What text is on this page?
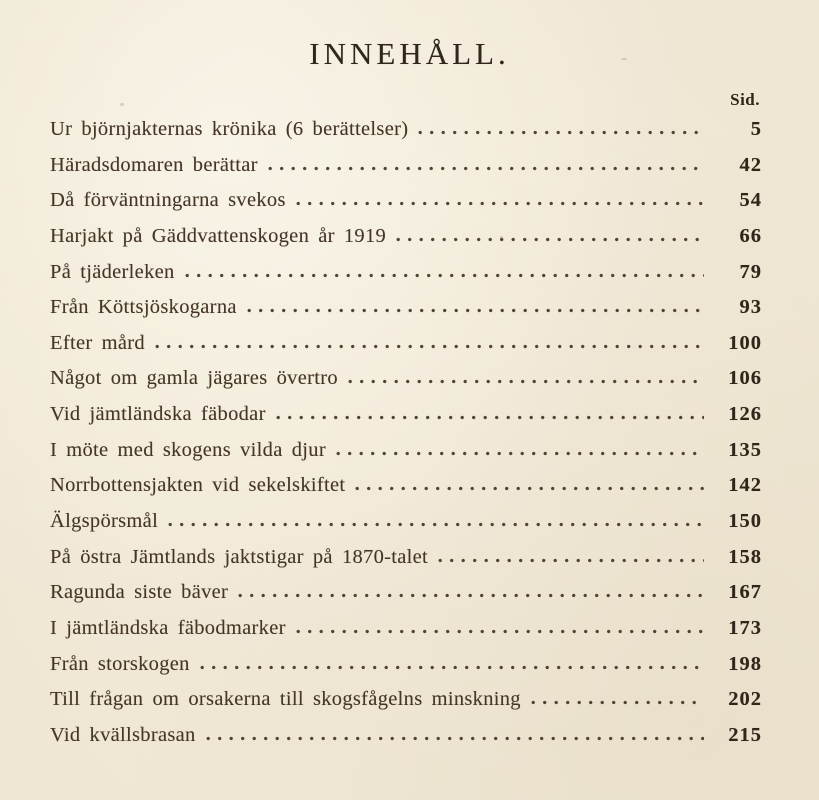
INNEHÅLL.
Sid.
Ur björnjakternas krönika (6 berättelser)	5
Häradsdomaren berättar	42
Då förväntningarna svekos	54
Harjakt på Gäddvattenskogen år 1919	66
På tjäderleken	79
Från Köttsjöskogarna	93
Efter mård	100
Något om gamla jägares övertro	106
Vid jämtländska fäbodar	126
I möte med skogens vilda djur	135
Norrbottensjakten vid sekelskiftet	142
Älgspörsmål	150
På östra Jämtlands jaktstigar på 1870-talet	158
Ragunda siste bäver	167
I jämtländska fäbodmarker	173
Från storskogen	198
Till frågan om orsakerna till skogsfågelns minskning	202
Vid kvällsbrasan	215
